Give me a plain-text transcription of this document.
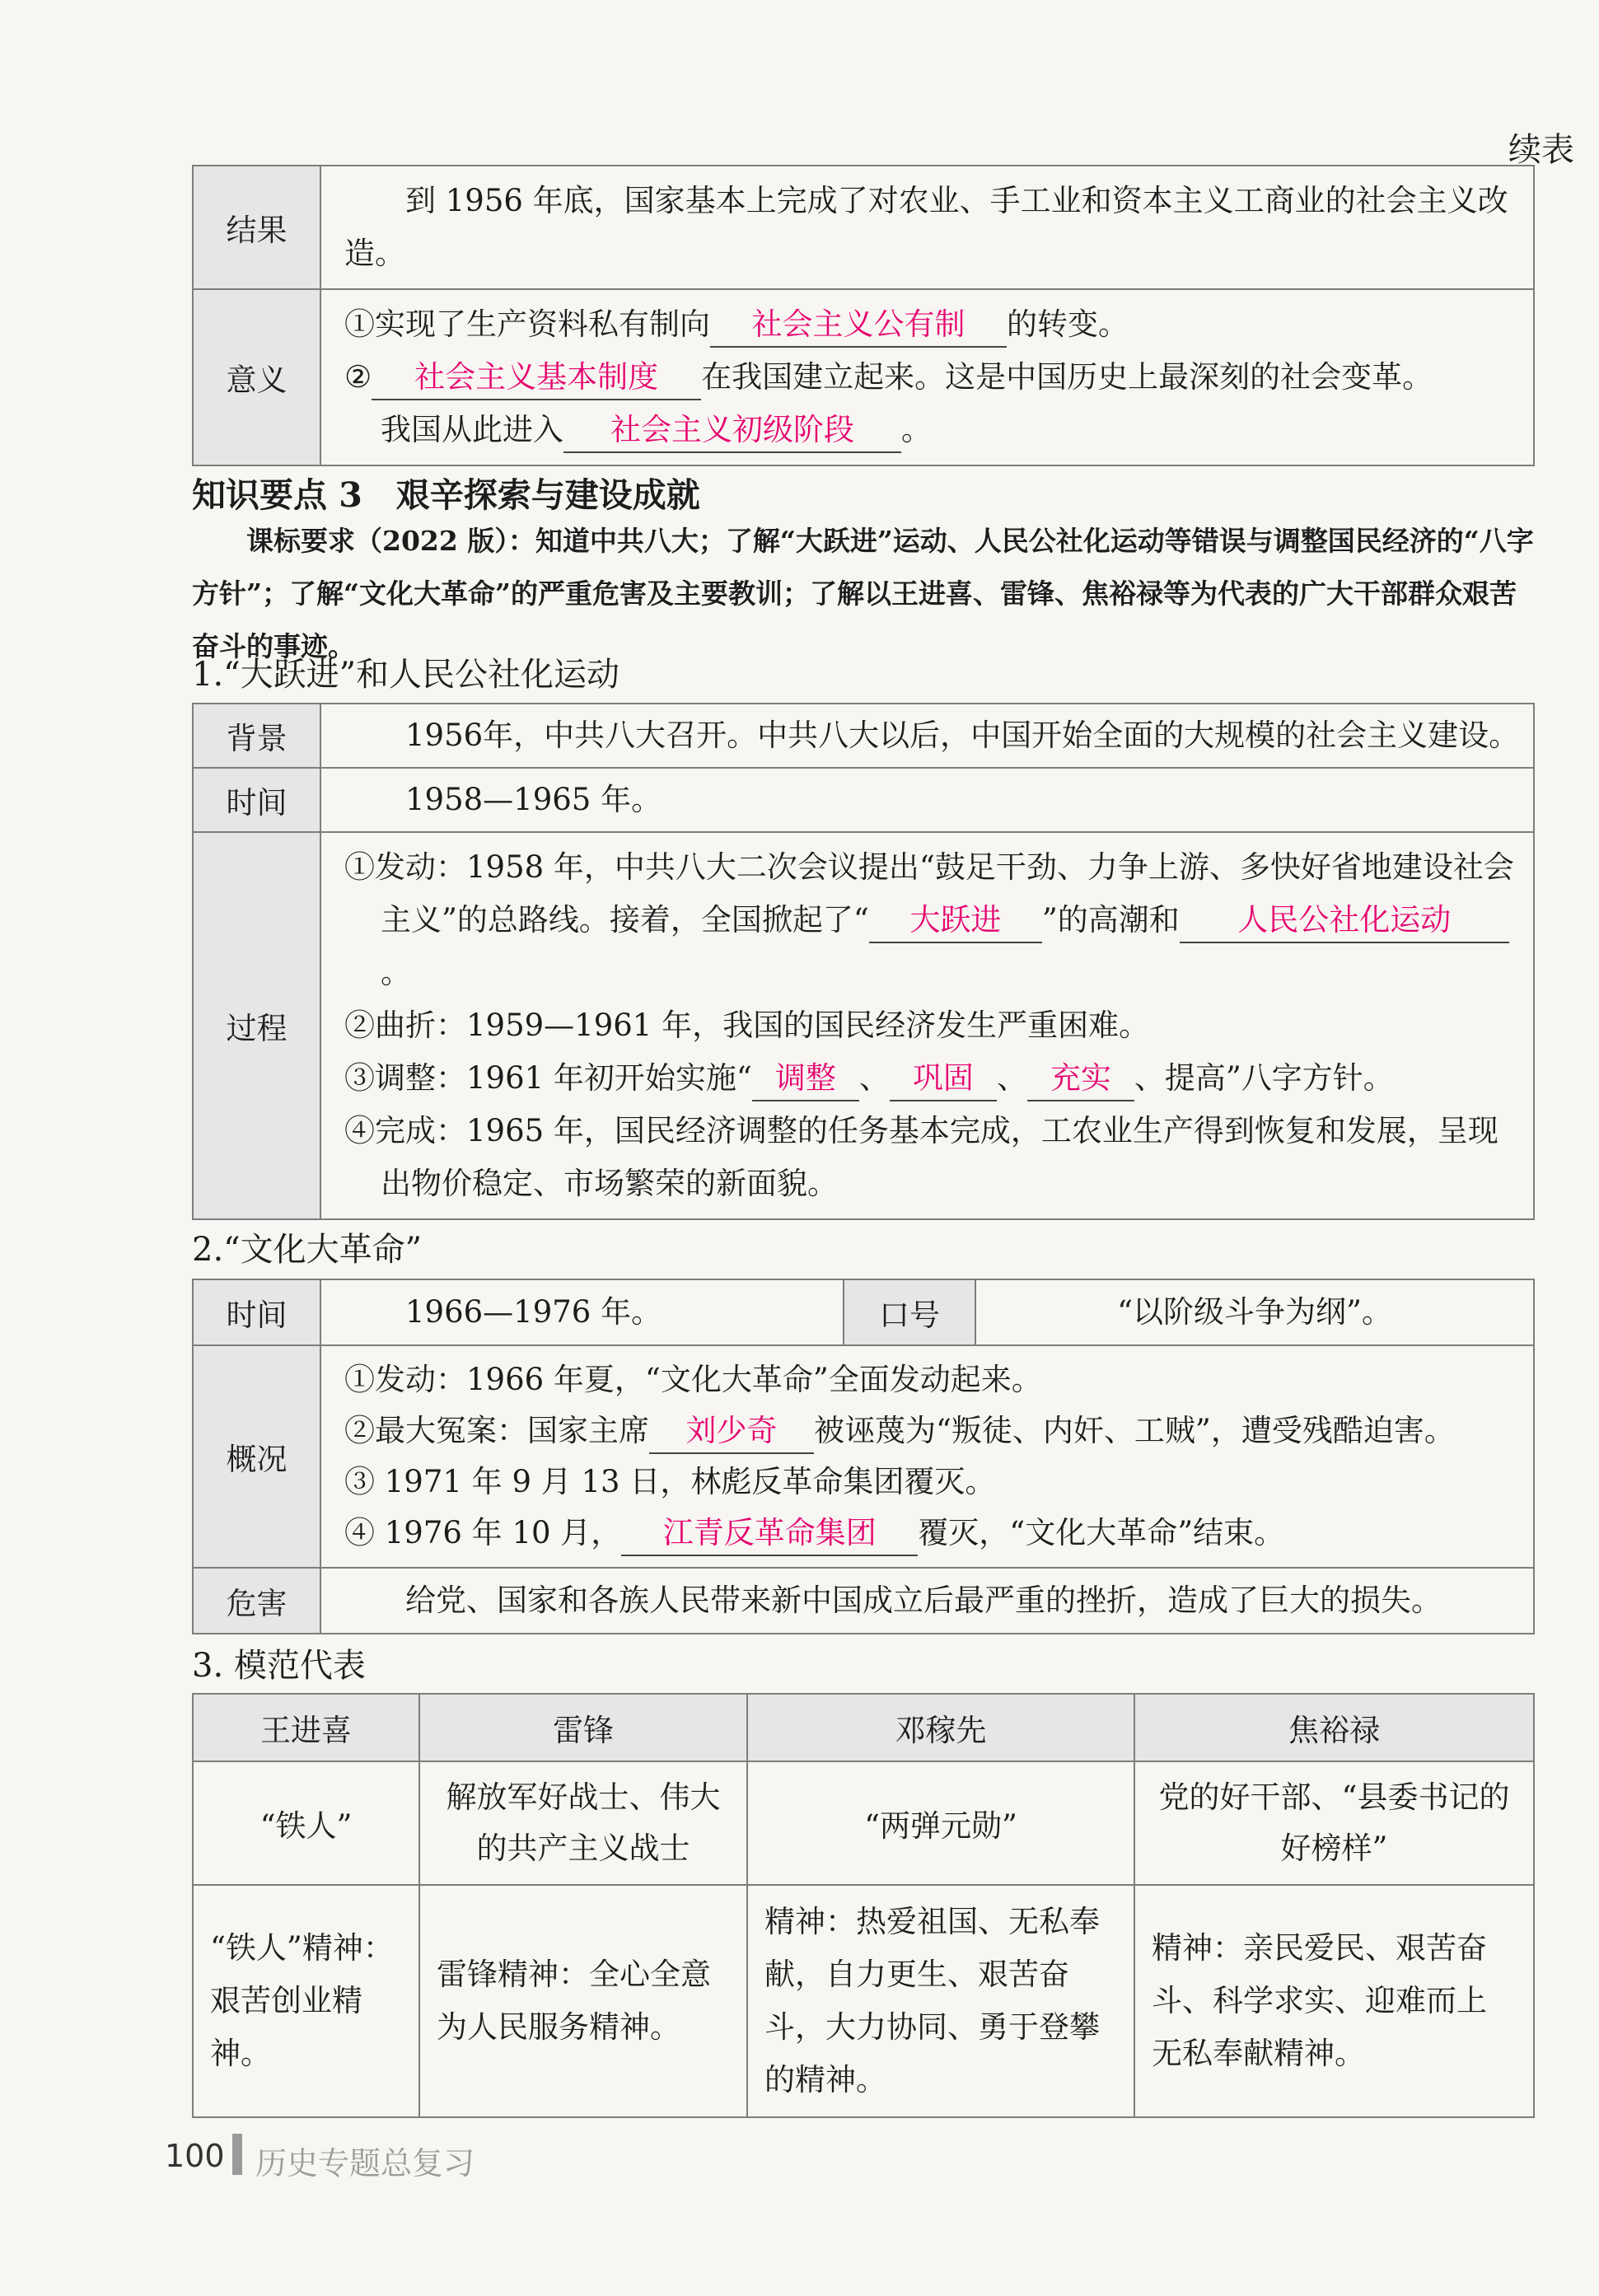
续表
结果	到 1956 年底，国家基本上完成了对农业、手工业和资本主义工商业的社会主义改造。

意义	①实现了生产资料私有制向 社会主义公有制 的转变。
② 社会主义基本制度 在我国建立起来。这是中国历史上最深刻的社会变革。
我国从此进入 社会主义初级阶段 。
知识要点 3　艰辛探索与建设成就
课标要求（2022 版）：知道中共八大；了解“大跃进”运动、人民公社化运动等错误与调整国民经济的“八字方针”；了解“文化大革命”的严重危害及主要教训；了解以王进喜、雷锋、焦裕禄等为代表的广大干部群众艰苦奋斗的事迹。
1.“大跃进”和人民公社化运动
背景	1956年，中共八大召开。中共八大以后，中国开始全面的大规模的社会主义建设。

时间	1958—1965 年。

过程	①发动：1958 年，中共八大二次会议提出“鼓足干劲、力争上游、多快好省地建设社会主义”的总路线。接着，全国掀起了“ 大跃进 ”的高潮和 人民公社化运动。
②曲折：1959—1961 年，我国的国民经济发生严重困难。
③调整：1961 年初开始实施“ 调整 、 巩固 、 充实 、提高”八字方针。
④完成：1965 年，国民经济调整的任务基本完成，工农业生产得到恢复和发展，呈现出物价稳定、市场繁荣的新面貌。
2.“文化大革命”
时间	1966—1976 年。	口号	“以阶级斗争为纲”。
概况	①发动：1966 年夏，“文化大革命”全面发动起来。
②最大冤案：国家主席 刘少奇 被诬蔑为“叛徒、内奸、工贼”，遭受残酷迫害。
③ 1971 年 9 月 13 日，林彪反革命集团覆灭。
④ 1976 年 10 月， 江青反革命集团 覆灭，“文化大革命”结束。		

危害	给党、国家和各族人民带来新中国成立后最严重的挫折，造成了巨大的损失。		
3. 模范代表
王进喜	雷锋	邓稼先	焦裕禄
“铁人”	解放军好战士、伟大的共产主义战士	“两弹元勋”	党的好干部、“县委书记的好榜样”
“铁人”精神：艰苦创业精神。	雷锋精神：全心全意为人民服务精神。	精神：热爱祖国、无私奉献，自力更生、艰苦奋斗，大力协同、勇于登攀的精神。	精神：亲民爱民、艰苦奋斗、科学求实、迎难而上无私奉献精神。
100 历史专题总复习
